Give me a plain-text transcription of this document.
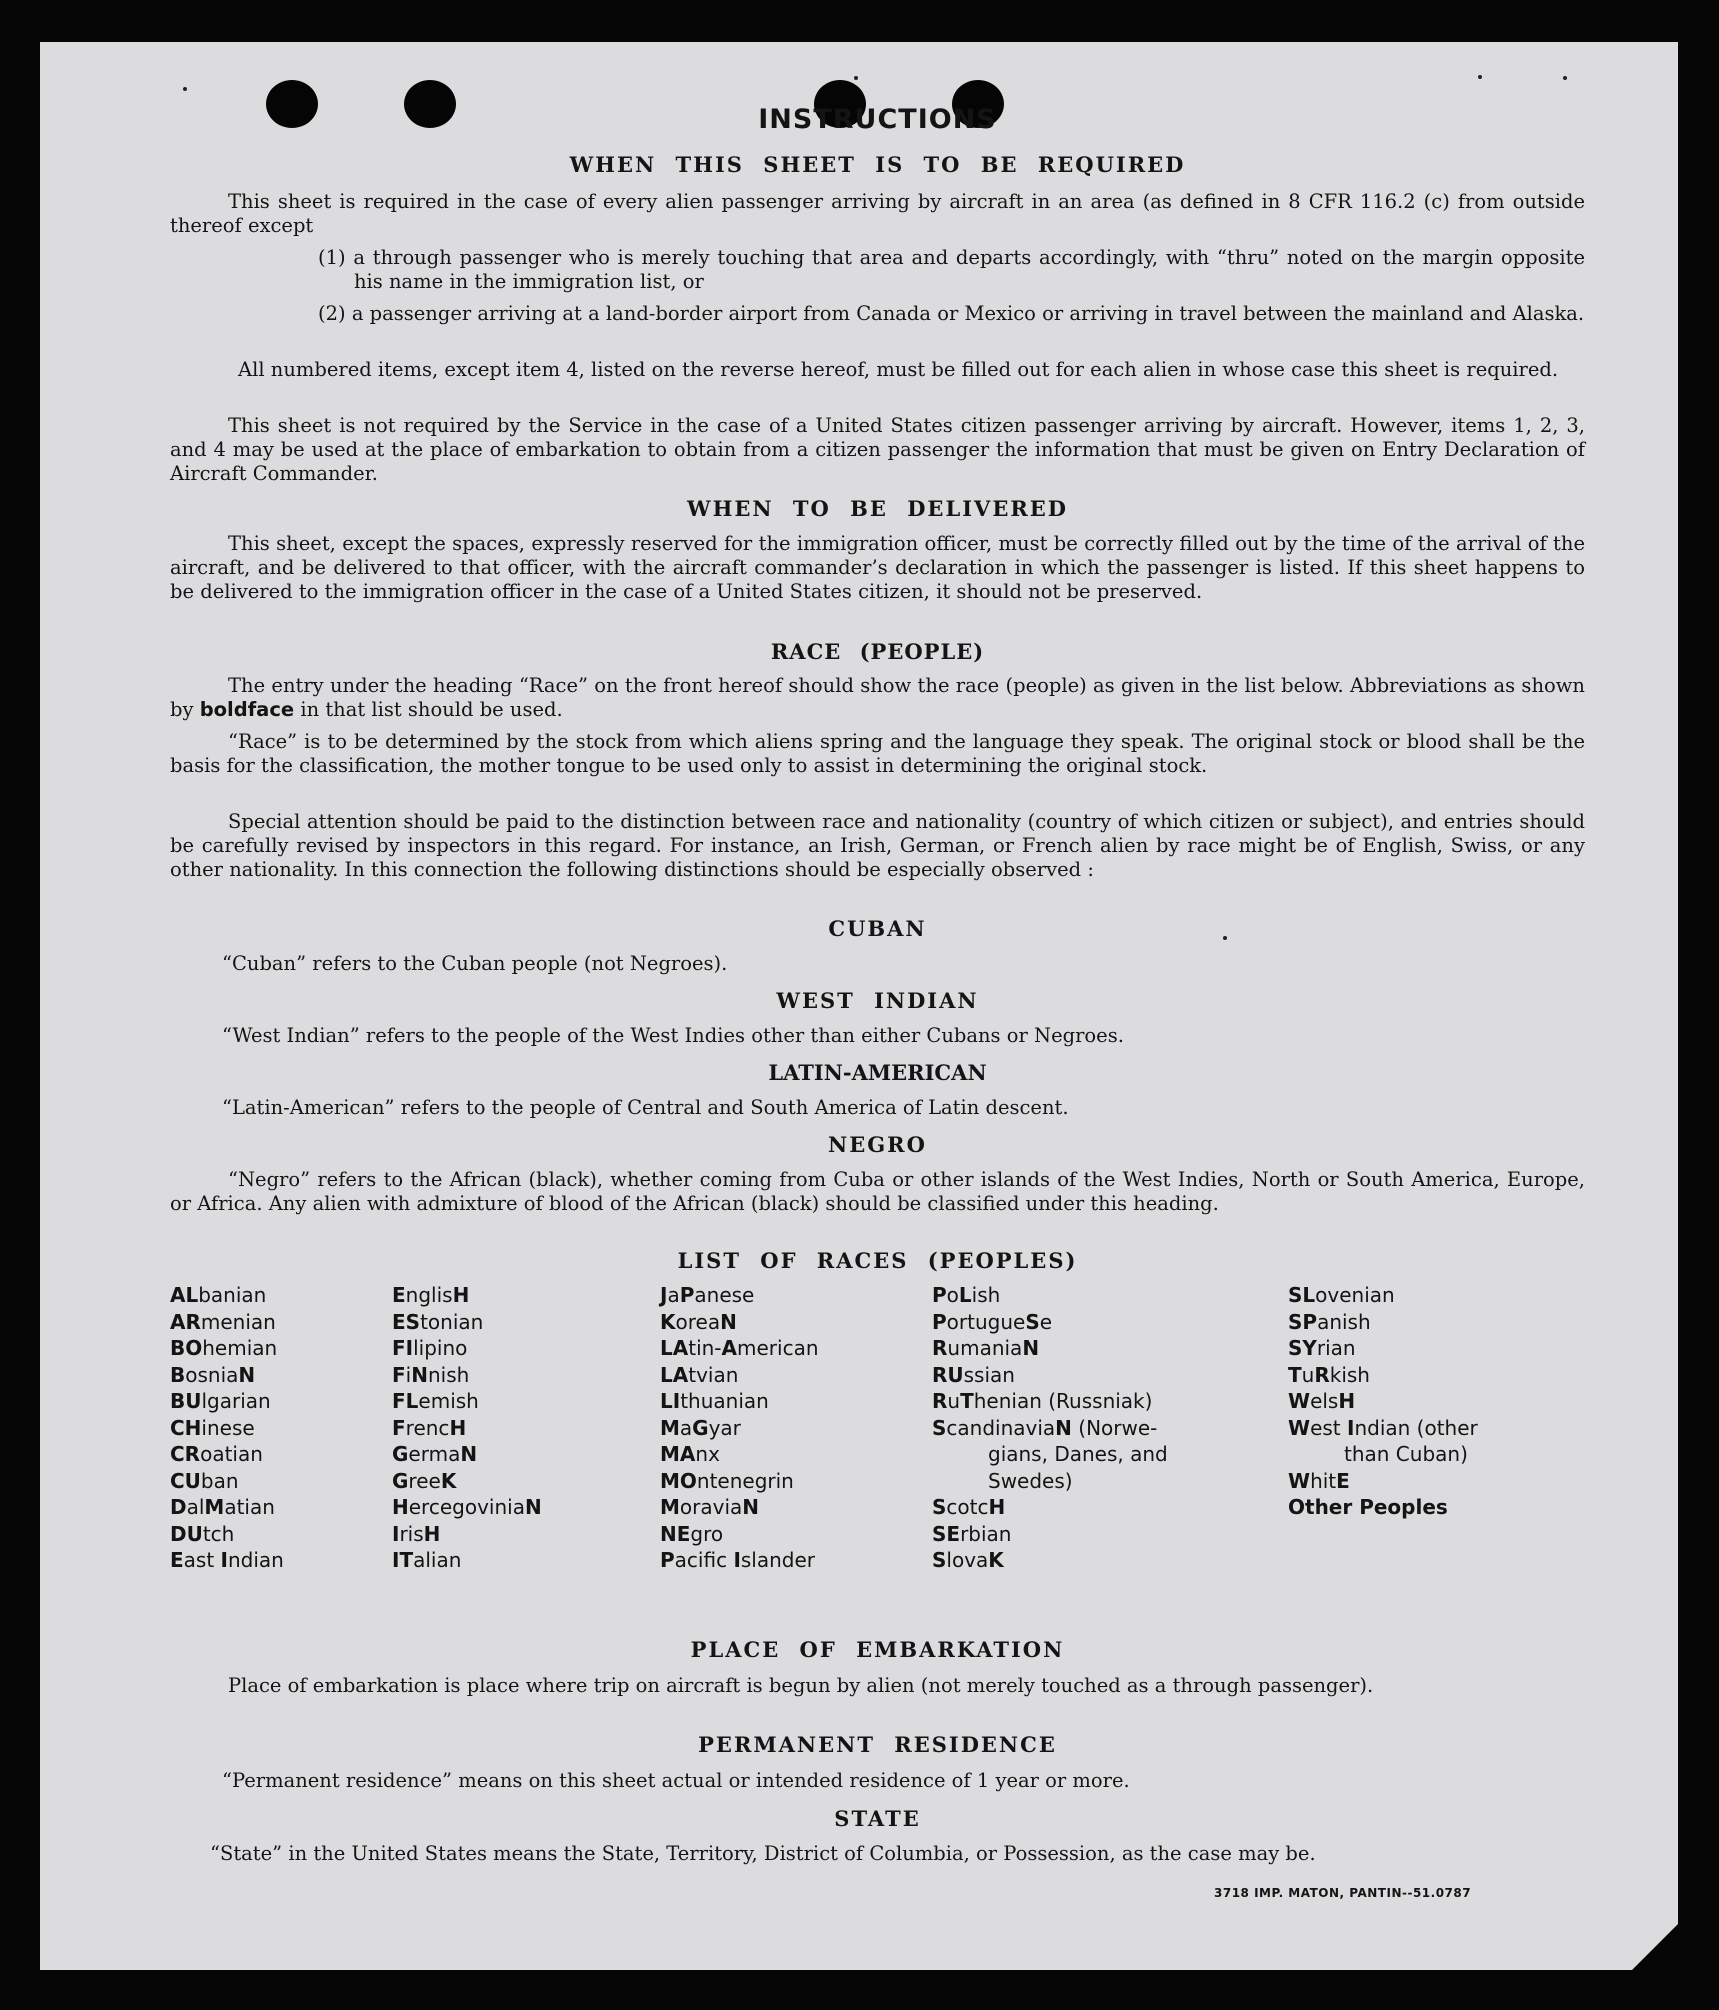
INSTRUCTIONS
WHEN THIS SHEET IS TO BE REQUIRED

This sheet is required in the case of every alien passenger arriving by aircraft in an area (as defined in 8 CFR 116.2 (c) from outside thereof except

(1) a through passenger who is merely touching that area and departs accordingly, with “thru” noted on the margin opposite his name in the immigration list, or

(2) a passenger arriving at a land-border airport from Canada or Mexico or arriving in travel between the mainland and Alaska.

All numbered items, except item 4, listed on the reverse hereof, must be filled out for each alien in whose case this sheet is required.

This sheet is not required by the Service in the case of a United States citizen passenger arriving by aircraft. However, items 1, 2, 3, and 4 may be used at the place of embarkation to obtain from a citizen passenger the information that must be given on Entry Declaration of Aircraft Commander.

WHEN TO BE DELIVERED

This sheet, except the spaces, expressly reserved for the immigration officer, must be correctly filled out by the time of the arrival of the aircraft, and be delivered to that officer, with the aircraft commander’s declaration in which the passenger is listed. If this sheet happens to be delivered to the immigration officer in the case of a United States citizen, it should not be preserved.

RACE (PEOPLE)

The entry under the heading “Race” on the front hereof should show the race (people) as given in the list below. Abbreviations as shown by boldface in that list should be used.

“Race” is to be determined by the stock from which aliens spring and the language they speak. The original stock or blood shall be the basis for the classification, the mother tongue to be used only to assist in determining the original stock.

Special attention should be paid to the distinction between race and nationality (country of which citizen or subject), and entries should be carefully revised by inspectors in this regard. For instance, an Irish, German, or French alien by race might be of English, Swiss, or any other nationality. In this connection the following distinctions should be especially observed :

CUBAN

“Cuban” refers to the Cuban people (not Negroes).

WEST INDIAN

“West Indian” refers to the people of the West Indies other than either Cubans or Negroes.

LATIN-AMERICAN

“Latin-American” refers to the people of Central and South America of Latin descent.

NEGRO

“Negro” refers to the African (black), whether coming from Cuba or other islands of the West Indies, North or South America, Europe, or Africa. Any alien with admixture of blood of the African (black) should be classified under this heading.

LIST OF RACES (PEOPLES)
ALbanian
ARmenian
BOhemian
BosniaN
BUlgarian
CHinese
CRoatian
CUban
DalMatian
DUtch
East Indian
EnglisH
EStonian
FIlipino
FiNnish
FLemish
FrencH
GermaN
GreeK
HercegoviniaN
IrisH
ITalian
JaPanese
KoreaN
LAtin-American
LAtvian
LIthuanian
MaGyar
MAnx
MOntenegrin
MoraviaN
NEgro
Pacific Islander
PoLish
PortugueSe
RumaniaN
RUssian
RuThenian (Russniak)
ScandinaviaN (Norwe-
gians, Danes, and
Swedes)
ScotcH
SErbian
SlovaK
SLovenian
SPanish
SYrian
TuRkish
WelsH
West Indian (other
than Cuban)
WhitE
Other Peoples
PLACE OF EMBARKATION

Place of embarkation is place where trip on aircraft is begun by alien (not merely touched as a through passenger).

PERMANENT RESIDENCE

“Permanent residence” means on this sheet actual or intended residence of 1 year or more.

STATE

“State” in the United States means the State, Territory, District of Columbia, or Possession, as the case may be.

3718 IMP. MATON, PANTIN--51.0787
